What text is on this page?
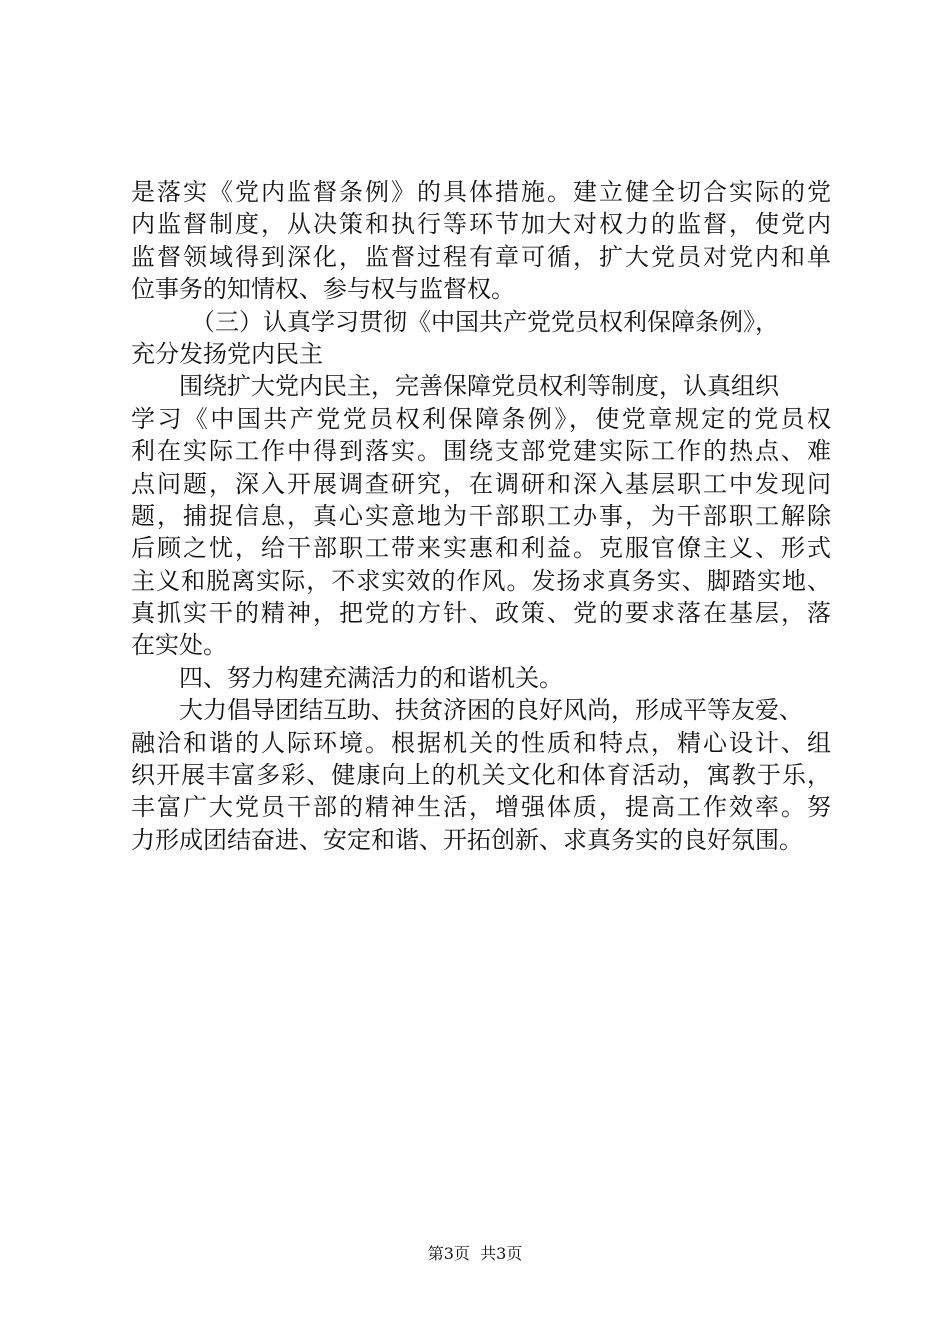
是落实《党内监督条例》的具体措施。建立健全切合实际的党
内监督制度，从决策和执行等环节加大对权力的监督，使党内
监督领域得到深化，监督过程有章可循，扩大党员对党内和单
位事务的知情权、参与权与监督权。
（三）认真学习贯彻《中国共产党党员权利保障条例》，
充分发扬党内民主
围绕扩大党内民主，完善保障党员权利等制度，认真组织
学习《中国共产党党员权利保障条例》，使党章规定的党员权
利在实际工作中得到落实。围绕支部党建实际工作的热点、难
点问题，深入开展调查研究，在调研和深入基层职工中发现问
题，捕捉信息，真心实意地为干部职工办事，为干部职工解除
后顾之忧，给干部职工带来实惠和利益。克服官僚主义、形式
主义和脱离实际，不求实效的作风。发扬求真务实、脚踏实地、
真抓实干的精神，把党的方针、政策、党的要求落在基层，落
在实处。
四、努力构建充满活力的和谐机关。
大力倡导团结互助、扶贫济困的良好风尚，形成平等友爱、
融洽和谐的人际环境。根据机关的性质和特点，精心设计、组
织开展丰富多彩、健康向上的机关文化和体育活动，寓教于乐，
丰富广大党员干部的精神生活，增强体质，提高工作效率。努
力形成团结奋进、安定和谐、开拓创新、求真务实的良好氛围。
第3页  共3页
